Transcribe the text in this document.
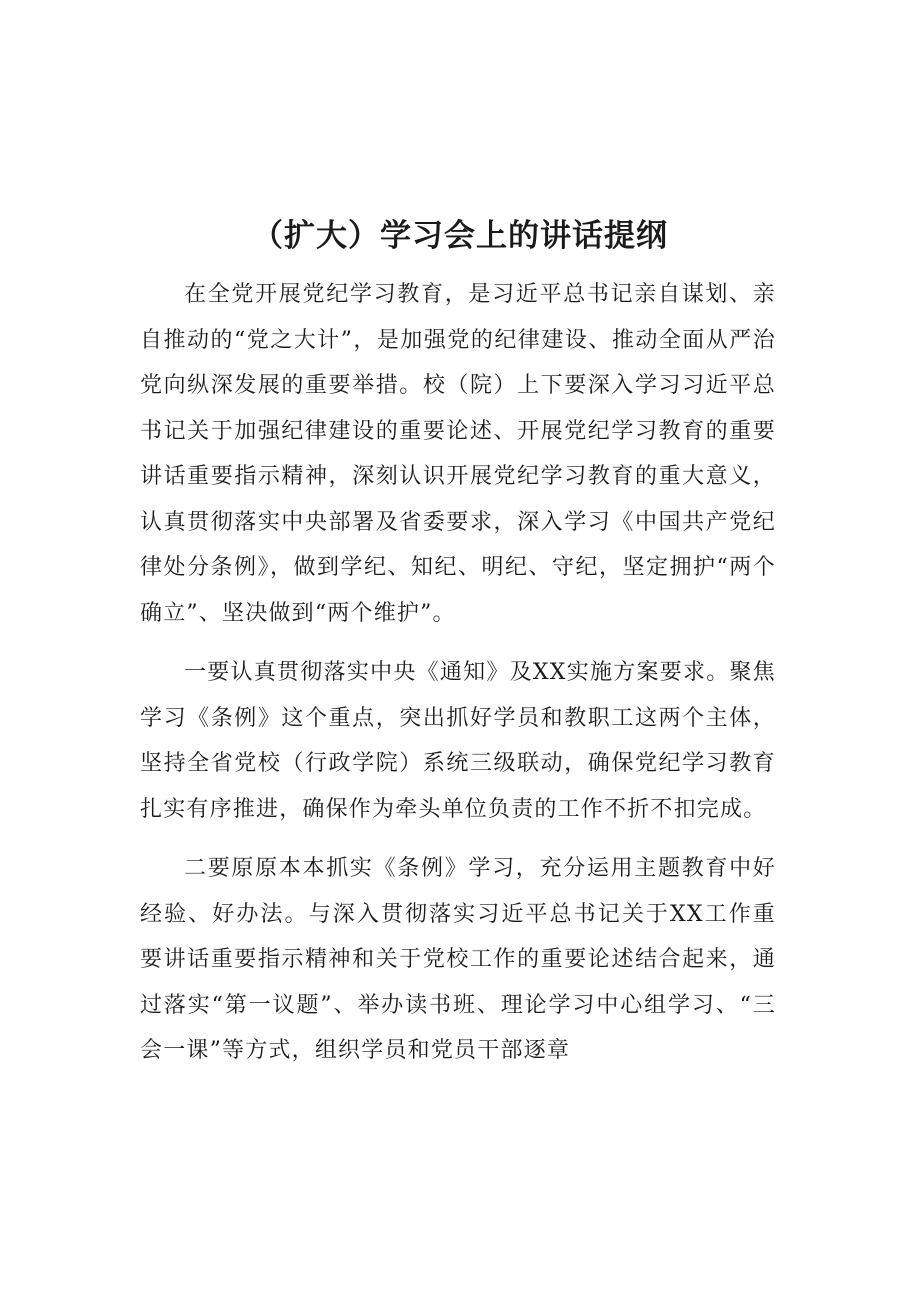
（扩大）学习会上的讲话提纲

在全党开展党纪学习教育，是习近平总书记亲自谋划、亲自推动的“党之大计”，是加强党的纪律建设、推动全面从严治党向纵深发展的重要举措。校（院）上下要深入学习习近平总书记关于加强纪律建设的重要论述、开展党纪学习教育的重要讲话重要指示精神，深刻认识开展党纪学习教育的重大意义，认真贯彻落实中央部署及省委要求，深入学习《中国共产党纪律处分条例》，做到学纪、知纪、明纪、守纪，坚定拥护“两个确立”、坚决做到“两个维护”。

一要认真贯彻落实中央《通知》及XX实施方案要求。聚焦学习《条例》这个重点，突出抓好学员和教职工这两个主体，坚持全省党校（行政学院）系统三级联动，确保党纪学习教育扎实有序推进，确保作为牵头单位负责的工作不折不扣完成。

二要原原本本抓实《条例》学习，充分运用主题教育中好经验、好办法。与深入贯彻落实习近平总书记关于XX工作重要讲话重要指示精神和关于党校工作的重要论述结合起来，通过落实“第一议题”、举办读书班、理论学习中心组学习、“三会一课”等方式，组织学员和党员干部逐章
